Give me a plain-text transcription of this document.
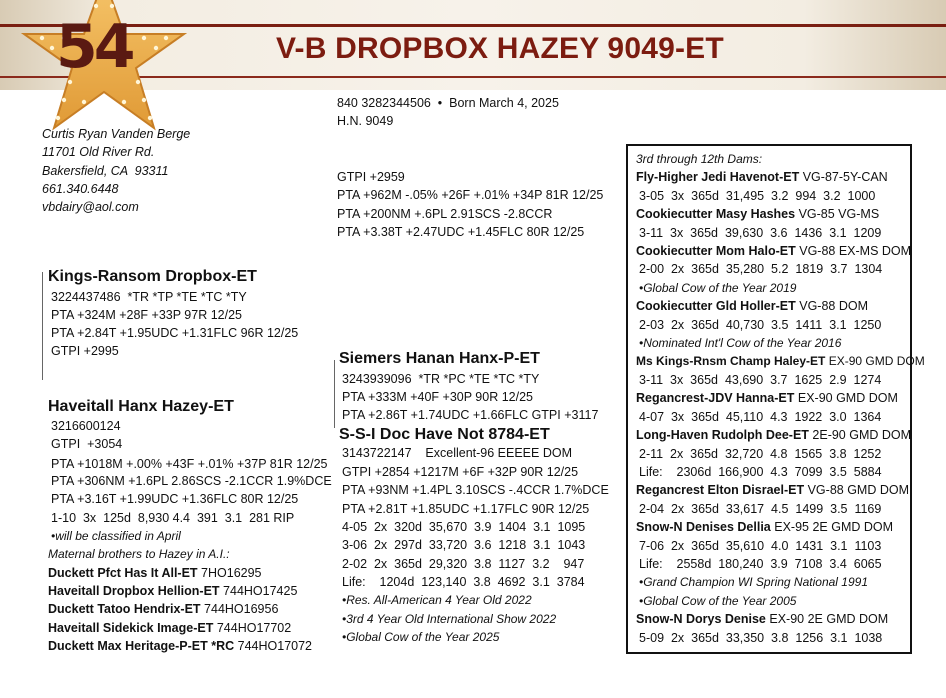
54	V-B DROPBOX HAZEY 9049-ET
840 3282344506  •  Born March 4, 2025
H.N. 9049
Curtis Ryan Vanden Berge
11701 Old River Rd.
Bakersfield, CA  93311
661.340.6448
vbdairy@aol.com
GTPI +2959
PTA +962M -.05% +26F +.01% +34P 81R 12/25
PTA +200NM +.6PL 2.91SCS -2.8CCR
PTA +3.38T +2.47UDC +1.45FLC 80R 12/25
Kings-Ransom Dropbox-ET
3224437486  *TR *TP *TE *TC *TY
PTA +324M +28F +33P 97R 12/25
PTA +2.84T +1.95UDC +1.31FLC 96R 12/25
GTPI +2995
Haveitall Hanx Hazey-ET
3216600124
GTPI  +3054
PTA +1018M +.00% +43F +.01% +37P 81R 12/25
PTA +306NM +1.6PL 2.86SCS -2.1CCR 1.9%DCE
PTA +3.16T +1.99UDC +1.36FLC 80R 12/25
1-10  3x  125d  8,930 4.4  391  3.1  281 RIP
•will be classified in April
Maternal brothers to Hazey in A.I.:
Duckett Pfct Has It All-ET 7HO16295
Haveitall Dropbox Hellion-ET 744HO17425
Duckett Tatoo Hendrix-ET 744HO16956
Haveitall Sidekick Image-ET 744HO17702
Duckett Max Heritage-P-ET *RC 744HO17072
Siemers Hanan Hanx-P-ET
3243939096  *TR *PC *TE *TC *TY
PTA +333M +40F +30P 90R 12/25
PTA +2.86T +1.74UDC +1.66FLC GTPI +3117
S-S-I Doc Have Not 8784-ET
3143722147    Excellent-96 EEEEE DOM
GTPI +2854 +1217M +6F +32P 90R 12/25
PTA +93NM +1.4PL 3.10SCS -.4CCR 1.7%DCE
PTA +2.81T +1.85UDC +1.17FLC 90R 12/25
4-05  2x  320d  35,670  3.9  1404  3.1  1095
3-06  2x  297d  33,720  3.6  1218  3.1  1043
2-02  2x  365d  29,320  3.8  1127  3.2    947
Life:    1204d  123,140  3.8  4692  3.1  3784
•Res. All-American 4 Year Old 2022
•3rd 4 Year Old International Show 2022
•Global Cow of the Year 2025
3rd through 12th Dams:
Fly-Higher Jedi Havenot-ET VG-87-5Y-CAN
3-05  3x  365d  31,495  3.2  994  3.2  1000
Cookiecutter Masy Hashes VG-85 VG-MS
3-11  3x  365d  39,630  3.6  1436  3.1  1209
Cookiecutter Mom Halo-ET VG-88 EX-MS DOM
2-00  2x  365d  35,280  5.2  1819  3.7  1304
•Global Cow of the Year 2019
Cookiecutter Gld Holler-ET VG-88 DOM
2-03  2x  365d  40,730  3.5  1411  3.1  1250
•Nominated Int'l Cow of the Year 2016
Ms Kings-Rnsm Champ Haley-ET EX-90 GMD DOM
3-11  3x  365d  43,690  3.7  1625  2.9  1274
Regancrest-JDV Hanna-ET EX-90 GMD DOM
4-07  3x  365d  45,110  4.3  1922  3.0  1364
Long-Haven Rudolph Dee-ET 2E-90 GMD DOM
2-11  2x  365d  32,720  4.8  1565  3.8  1252
Life:    2306d  166,900  4.3  7099  3.5  5884
Regancrest Elton Disrael-ET VG-88 GMD DOM
2-04  2x  365d  33,617  4.5  1499  3.5  1169
Snow-N Denises Dellia EX-95 2E GMD DOM
7-06  2x  365d  35,610  4.0  1431  3.1  1103
Life:    2558d  180,240  3.9  7108  3.4  6065
•Grand Champion WI Spring National 1991
•Global Cow of the Year 2005
Snow-N Dorys Denise EX-90 2E GMD DOM
5-09  2x  365d  33,350  3.8  1256  3.1  1038
